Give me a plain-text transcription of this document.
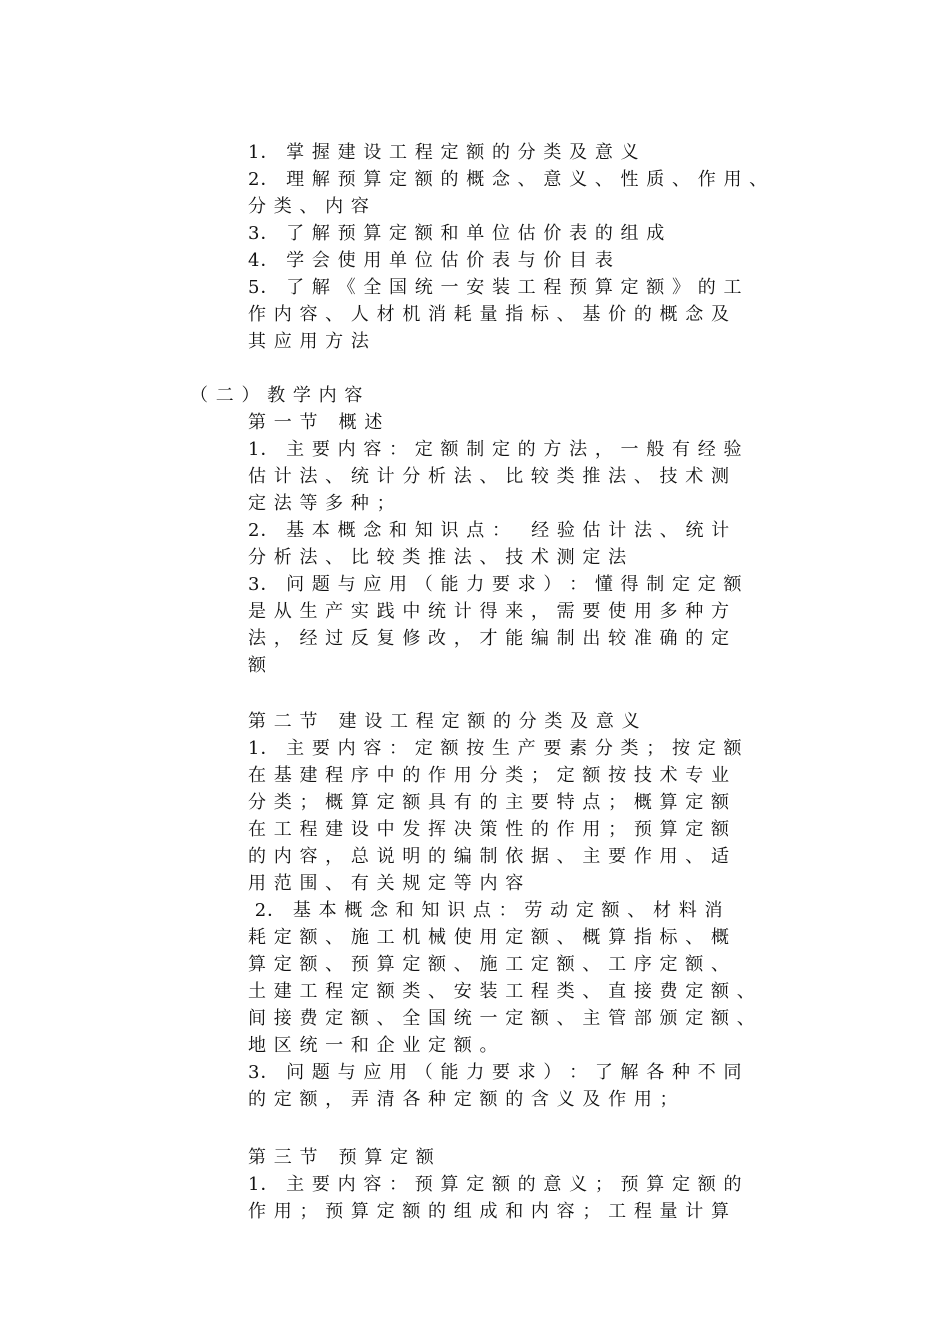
1． 掌 握 建 设 工 程 定 额 的 分 类 及 意 义
2． 理 解 预 算 定 额 的 概 念 、 意 义 、 性 质 、 作 用 、
分 类 、 内 容
3． 了 解 预 算 定 额 和 单 位 估 价 表 的 组 成
4． 学 会 使 用 单 位 估 价 表 与 价 目 表
5． 了 解 《 全 国 统 一 安 装 工 程 预 算 定 额 》 的 工
作 内 容 、 人 材 机 消 耗 量 指 标 、 基 价 的 概 念 及
其 应 用 方 法
（ 二 ） 教 学 内 容
第 一 节   概 述
1． 主 要 内 容 ： 定 额 制 定 的 方 法 ， 一 般 有 经 验
估 计 法 、 统 计 分 析 法 、 比 较 类 推 法 、 技 术 测
定 法 等 多 种 ；
2． 基 本 概 念 和 知 识 点 ：   经 验 估 计 法 、 统 计
分 析 法 、 比 较 类 推 法 、 技 术 测 定 法
3． 问 题 与 应 用 （ 能 力 要 求 ） ： 懂 得 制 定 定 额
是 从 生 产 实 践 中 统 计 得 来 ， 需 要 使 用 多 种 方
法 ， 经 过 反 复 修 改 ， 才 能 编 制 出 较 准 确 的 定
额
第 二 节   建 设 工 程 定 额 的 分 类 及 意 义
1． 主 要 内 容 ： 定 额 按 生 产 要 素 分 类 ； 按 定 额
在 基 建 程 序 中 的 作 用 分 类 ； 定 额 按 技 术 专 业
分 类 ； 概 算 定 额 具 有 的 主 要 特 点 ； 概 算 定 额
在 工 程 建 设 中 发 挥 决 策 性 的 作 用 ； 预 算 定 额
的 内 容 ， 总 说 明 的 编 制 依 据 、 主 要 作 用 、 适
用 范 围 、 有 关 规 定 等 内 容
2． 基 本 概 念 和 知 识 点 ： 劳 动 定 额 、 材 料 消
耗 定 额 、 施 工 机 械 使 用 定 额 、 概 算 指 标 、 概
算 定 额 、 预 算 定 额 、 施 工 定 额 、 工 序 定 额 、
土 建 工 程 定 额 类 、 安 装 工 程 类 、 直 接 费 定 额 、
间 接 费 定 额 、 全 国 统 一 定 额 、 主 管 部 颁 定 额 、
地 区 统 一 和 企 业 定 额 。
3． 问 题 与 应 用 （ 能 力 要 求 ） ： 了 解 各 种 不 同
的 定 额 ， 弄 清 各 种 定 额 的 含 义 及 作 用 ；
第 三 节   预 算 定 额
1． 主 要 内 容 ： 预 算 定 额 的 意 义 ； 预 算 定 额 的
作 用 ； 预 算 定 额 的 组 成 和 内 容 ； 工 程 量 计 算
